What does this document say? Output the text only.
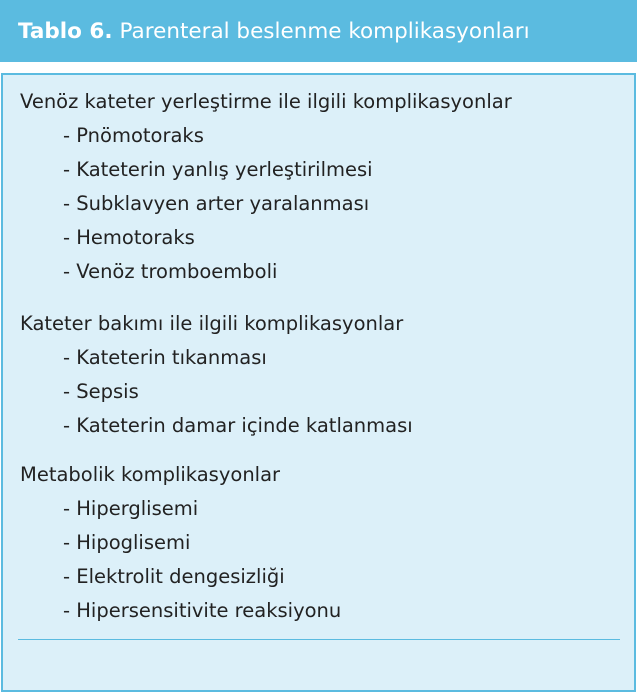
Tablo 6. Parenteral beslenme komplikasyonları

Venöz kateter yerleştirme ile ilgili komplikasyonlar

- Pnömotoraks
- Kateterin yanlış yerleştirilmesi
- Subklavyen arter yaralanması
- Hemotoraks
- Venöz tromboemboli

Kateter bakımı ile ilgili komplikasyonlar

- Kateterin tıkanması
- Sepsis
- Kateterin damar içinde katlanması

Metabolik komplikasyonlar

- Hiperglisemi
- Hipoglisemi
- Elektrolit dengesizliği
- Hipersensitivite reaksiyonu
